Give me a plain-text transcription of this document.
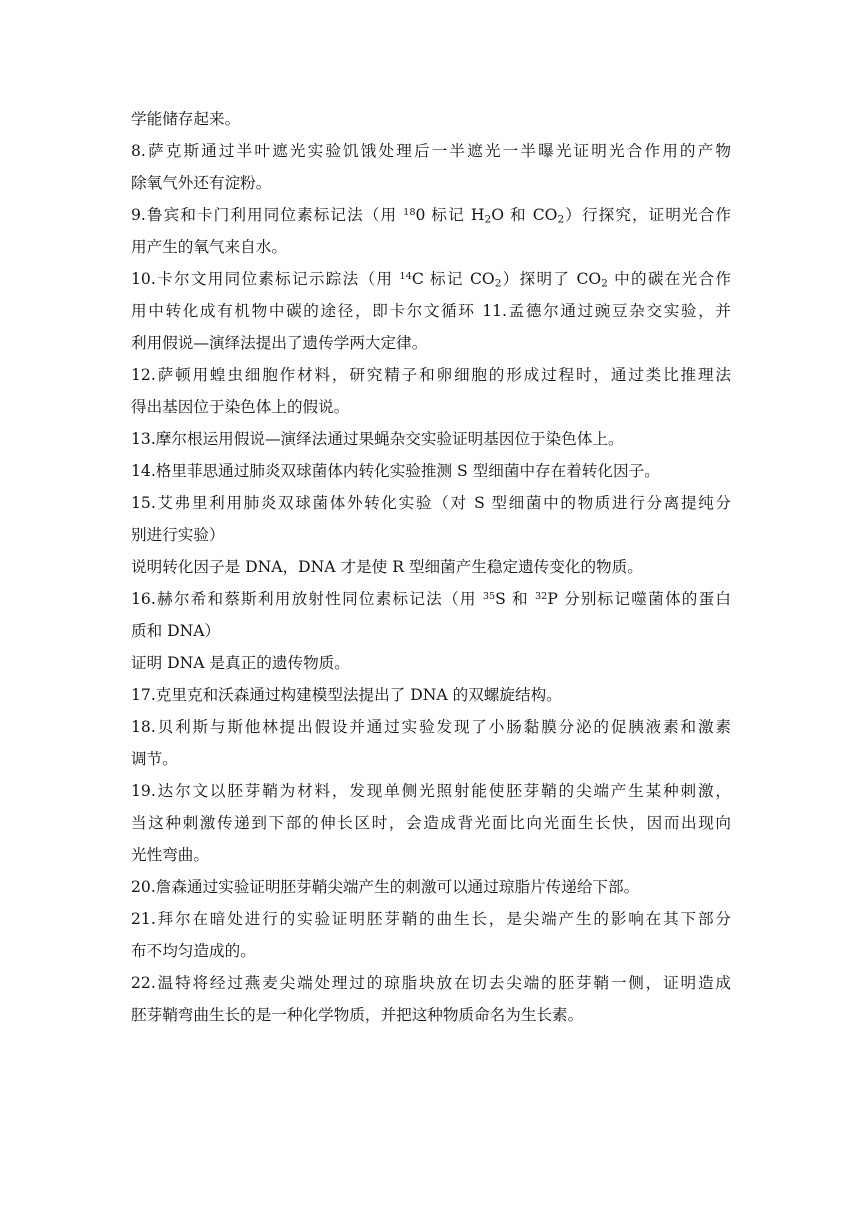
学能储存起来。
8.萨克斯通过半叶遮光实验饥饿处理后一半遮光一半曝光证明光合作用的产物
除氧气外还有淀粉。
9.鲁宾和卡门利用同位素标记法（用 $^{18}$0 标记 $H_2O$ 和 $CO_2$）行探究，证明光合作
用产生的氧气来自水。
10.卡尔文用同位素标记示踪法（用 $^{14}$C 标记 $CO_2$）探明了 $CO_2$ 中的碳在光合作
用中转化成有机物中碳的途径，即卡尔文循环 11.孟德尔通过豌豆杂交实验，并
利用假说—演绎法提出了遗传学两大定律。
12.萨顿用蝗虫细胞作材料，研究精子和卵细胞的形成过程时，通过类比推理法
得出基因位于染色体上的假说。
13.摩尔根运用假说—演绎法通过果蝇杂交实验证明基因位于染色体上。
14.格里菲思通过肺炎双球菌体内转化实验推测 S 型细菌中存在着转化因子。
15.艾弗里利用肺炎双球菌体外转化实验（对 S 型细菌中的物质进行分离提纯分
别进行实验）
说明转化因子是 DNA，DNA 才是使 R 型细菌产生稳定遗传变化的物质。
16.赫尔希和蔡斯利用放射性同位素标记法（用 $^{35}$S 和 $^{32}$P 分别标记噬菌体的蛋白
质和 DNA）
证明 DNA 是真正的遗传物质。
17.克里克和沃森通过构建模型法提出了 DNA 的双螺旋结构。
18.贝利斯与斯他林提出假设并通过实验发现了小肠黏膜分泌的促胰液素和激素
调节。
19.达尔文以胚芽鞘为材料，发现单侧光照射能使胚芽鞘的尖端产生某种刺激，
当这种刺激传递到下部的伸长区时，会造成背光面比向光面生长快，因而出现向
光性弯曲。
20.詹森通过实验证明胚芽鞘尖端产生的刺激可以通过琼脂片传递给下部。
21.拜尔在暗处进行的实验证明胚芽鞘的曲生长，是尖端产生的影响在其下部分
布不均匀造成的。
22.温特将经过燕麦尖端处理过的琼脂块放在切去尖端的胚芽鞘一侧，证明造成
胚芽鞘弯曲生长的是一种化学物质，并把这种物质命名为生长素。
